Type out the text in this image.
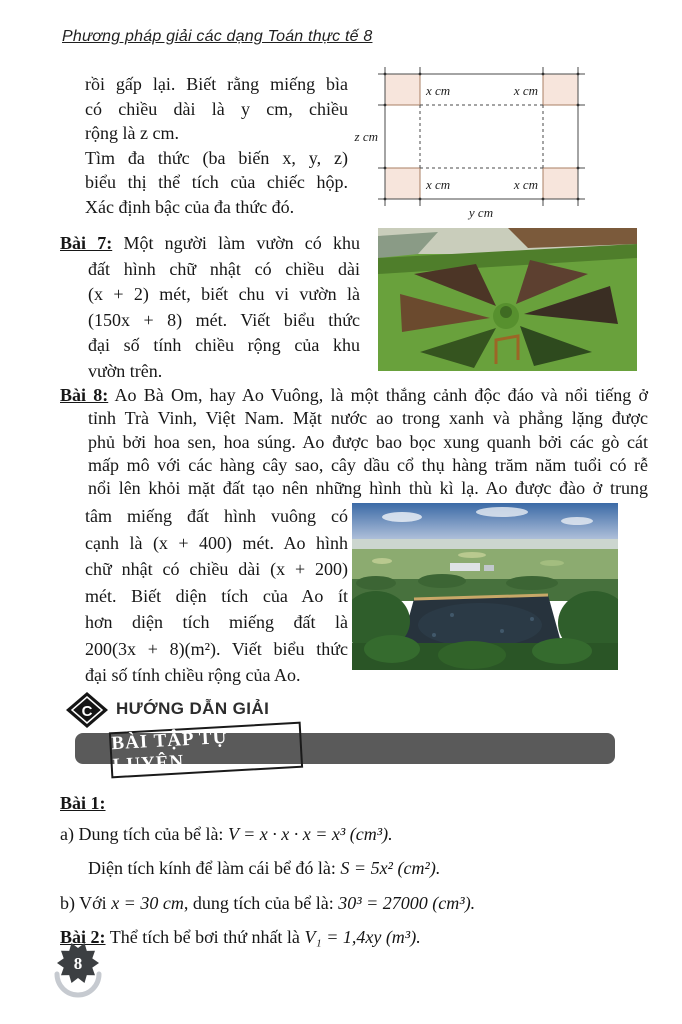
Phương pháp giải các dạng Toán thực tế 8
rồi gấp lại. Biết rằng miếng bìa
có chiều dài là y cm, chiều
rộng là z cm.
Tìm đa thức (ba biến x, y, z)
biểu thị thể tích của chiếc hộp.
Xác định bậc của đa thức đó.
x cm	x cm
x cm	x cm
z cm
y cm
Bài 7: Một người làm vườn có khu
đất hình chữ nhật có chiều dài
(x + 2) mét, biết chu vi vườn là
(150x + 8) mét. Viết biểu thức
đại số tính chiều rộng của khu
vườn trên.
Bài 8: Ao Bà Om, hay Ao Vuông, là một thắng cảnh độc đáo và nổi tiếng ở
tỉnh Trà Vinh, Việt Nam. Mặt nước ao trong xanh và phẳng lặng được
phủ bởi hoa sen, hoa súng. Ao được bao bọc xung quanh bởi các gò cát
mấp mô với các hàng cây sao, cây dầu cổ thụ hàng trăm năm tuổi có rễ
nổi lên khỏi mặt đất tạo nên những hình thù kì lạ. Ao được đào ở trung
tâm miếng đất hình vuông có
cạnh là (x + 400) mét. Ao hình
chữ nhật có chiều dài (x + 200)
mét. Biết diện tích của Ao ít
hơn diện tích miếng đất là
200(3x + 8)(m²). Viết biểu thức
đại số tính chiều rộng của Ao.
C HƯỚNG DẪN GIẢI
BÀI TẬP TỰ LUYỆN
Bài 1:
a) Dung tích của bể là: V = x · x · x = x³ (cm³).
Diện tích kính để làm cái bể đó là: S = 5x² (cm²).
b) Với x = 30 cm, dung tích của bể là: 30³ = 27000 (cm³).
Bài 2: Thể tích bể bơi thứ nhất là V₁ = 1,4xy (m³).
8
